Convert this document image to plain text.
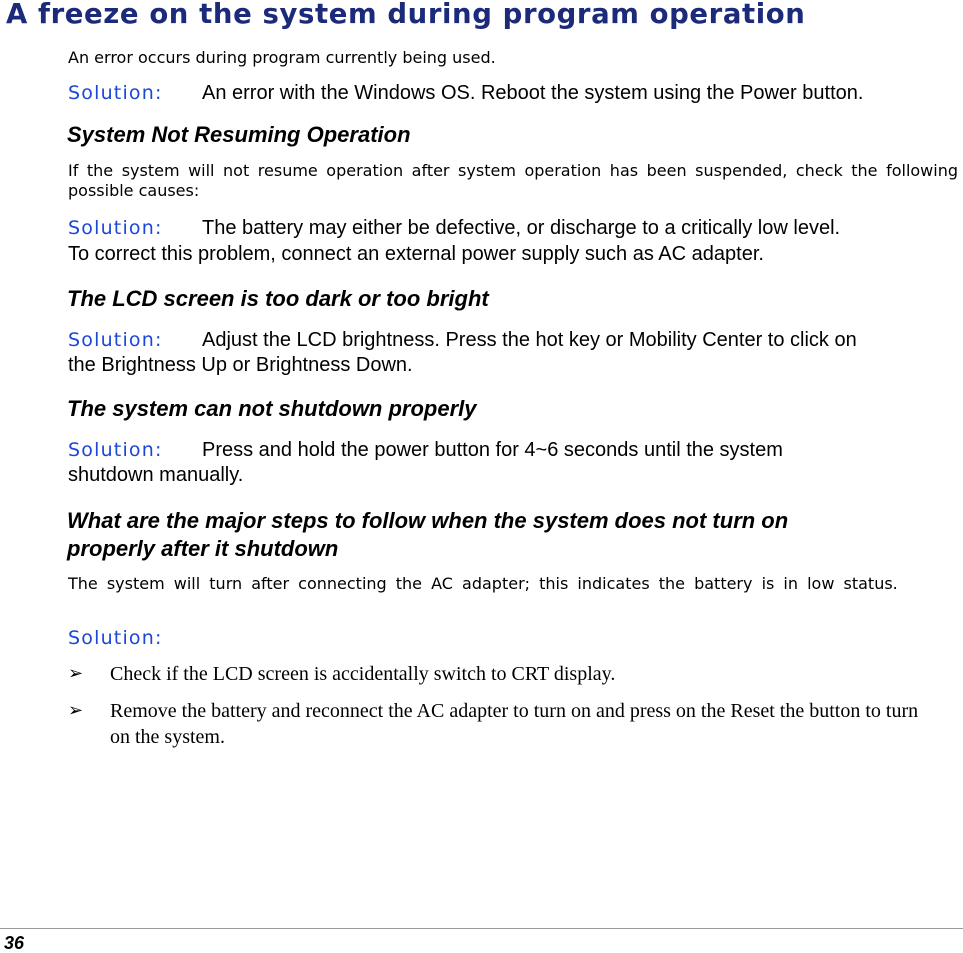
A freeze on the system during program operation

An error occurs during program currently being used.

Solution: An error with the Windows OS. Reboot the system using the Power button.

System Not Resuming Operation

If the system will not resume operation after system operation has been suspended, check the following possible causes:

Solution: The battery may either be defective, or discharge to a critically low level.

To correct this problem, connect an external power supply such as AC adapter.

The LCD screen is too dark or too bright

Solution: Adjust the LCD brightness. Press the hot key or Mobility Center to click on

the Brightness Up or Brightness Down.

The system can not shutdown properly

Solution: Press and hold the power button for 4~6 seconds until the system

shutdown manually.

What are the major steps to follow when the system does not turn on
properly after it shutdown

The system will turn after connecting the AC adapter; this indicates the battery is in low status.

Solution:

➢	Check if the LCD screen is accidentally switch to CRT display.
➢	Remove the battery and reconnect the AC adapter to turn on and press on the Reset the button to turn on the system.

36
